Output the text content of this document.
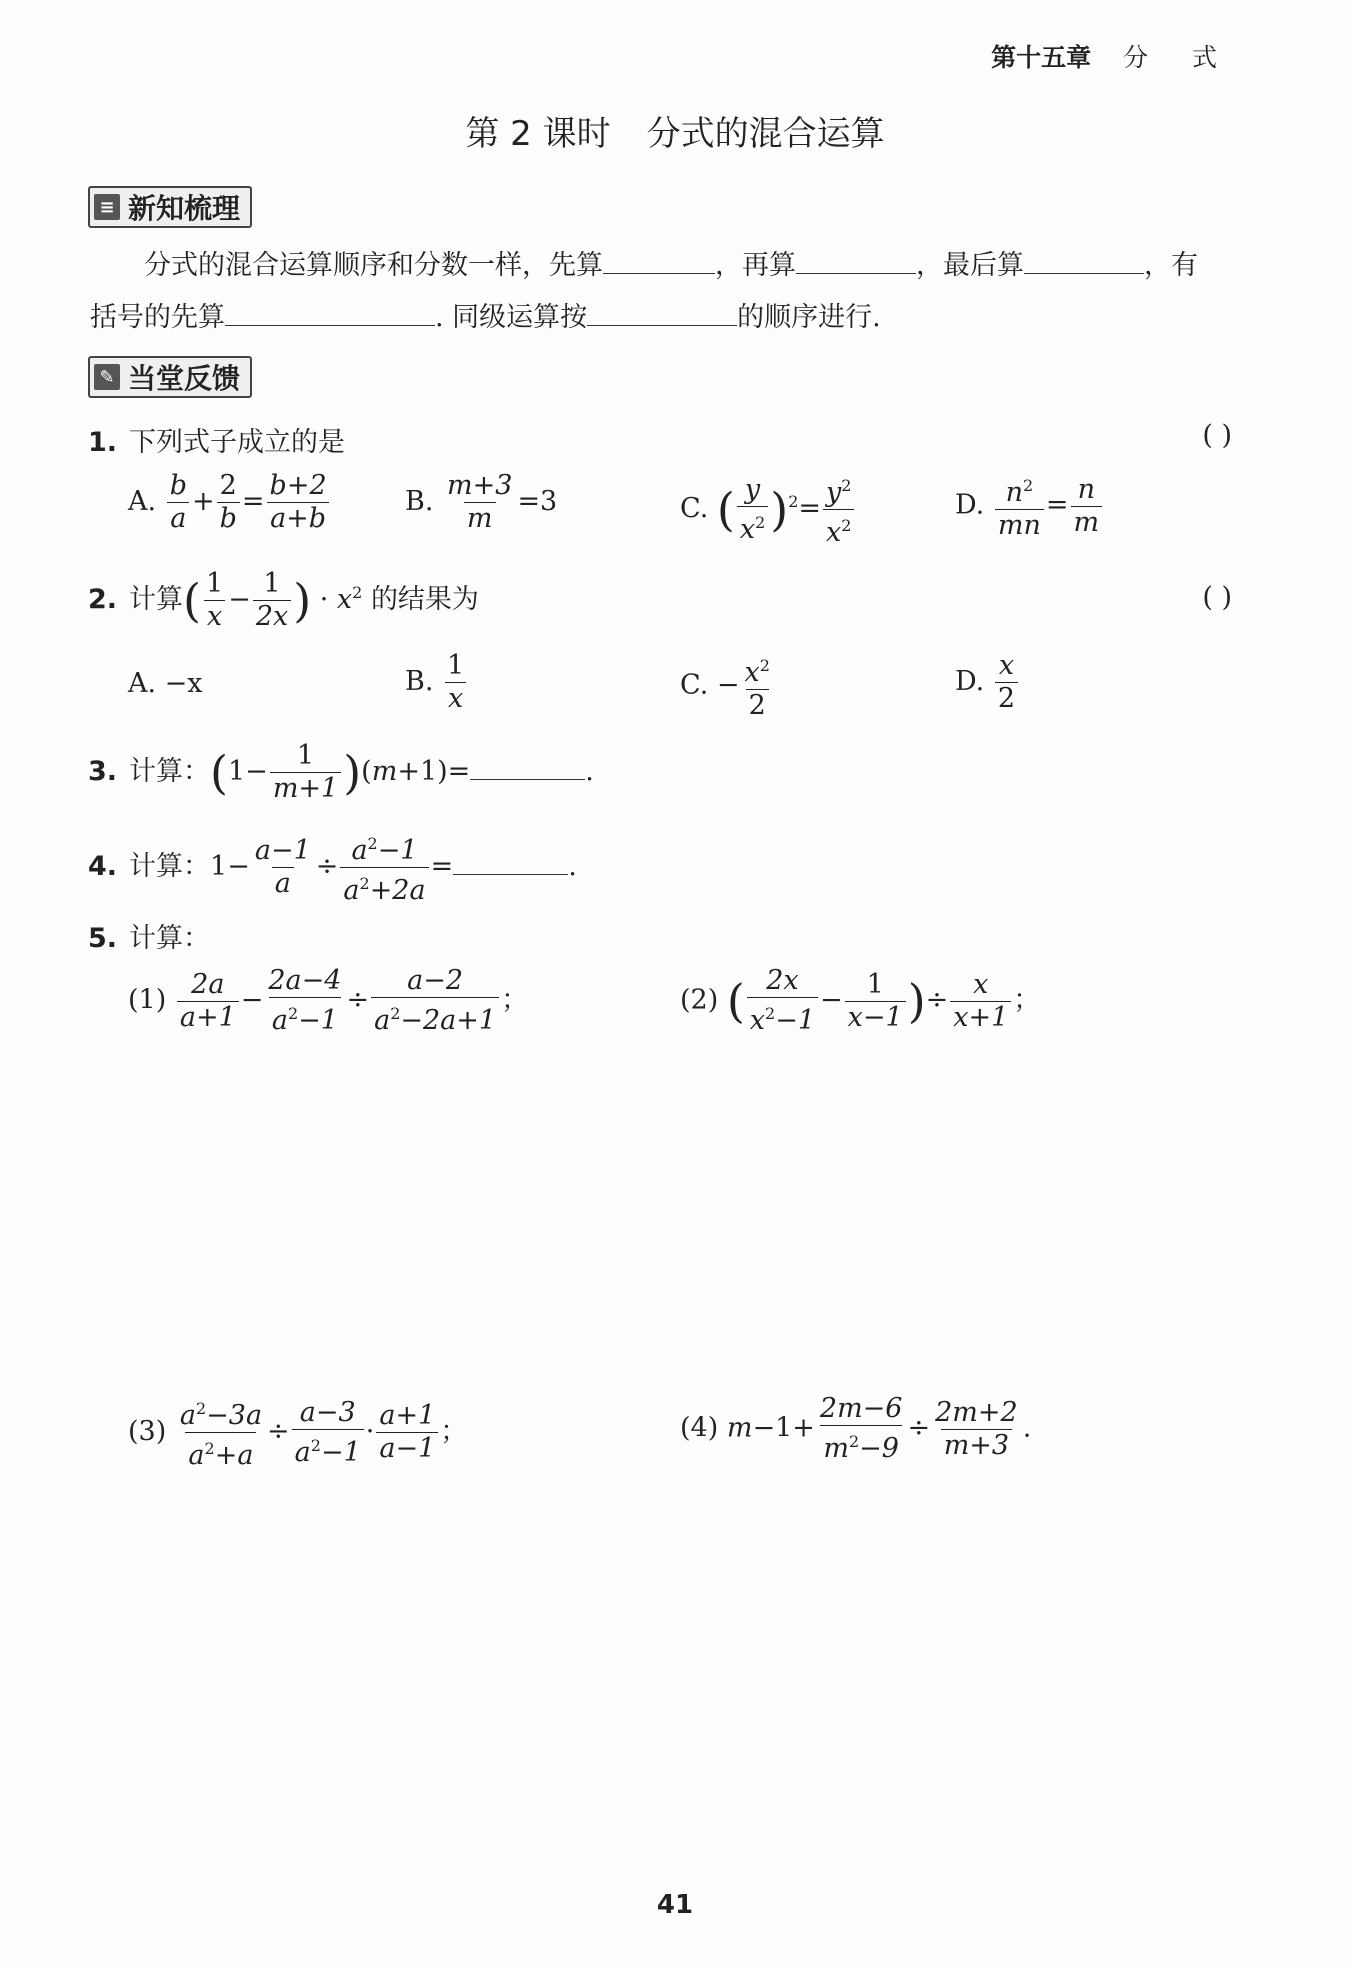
第十五章 分 式
第 2 课时 分式的混合运算
≡ 新知梳理
分式的混合运算顺序和分数一样，先算	，再算	，最后算	，有
括号的先算	. 同级运算按	的顺序进行.
✎ 当堂反馈
1. 下列式子成立的是	( )
A. $\frac{b}{a} + \frac{2}{b} = \frac{b+2}{a+b}$	B. $\frac{m+3}{m} =3$	C. ( $\frac{y}{x^2} )^2= \frac{y^2}{x^2}$	D. $\frac{n^2}{mn} = \frac{n}{m}$
2. 计算( $\frac{1}{x} - \frac{1}{2x}$ ) · $x^2$ 的结果为	( )
A. −x	B. $\frac{1}{x}$	C. − $\frac{x^2}{2}$	D. $\frac{x}{2}$
3. 计算：$(1- \frac{1}{m+1} )(m+1)=$	.
4. 计算：$1- \frac{a-1}{a} \div \frac{a^2-1}{a^2+2a}$ =	.
5. 计算：
$(1) \frac{2a}{a+1} - \frac{2a-4}{a^2-1} \div \frac{a-2}{a^2-2a+1}$ ；	(2) ( $\frac{2x}{x^2-1} - \frac{1}{x-1}$ )÷ $\frac{x}{x+1}$ ；
$(3) \frac{a^2-3a}{a^2+a} \div \frac{a-3}{a^2-1} \cdot \frac{a+1}{a-1}$ ；	(4) $m-1+ \frac{2m-6}{m^2-9} \div \frac{2m+2}{m+3}$ .
41
